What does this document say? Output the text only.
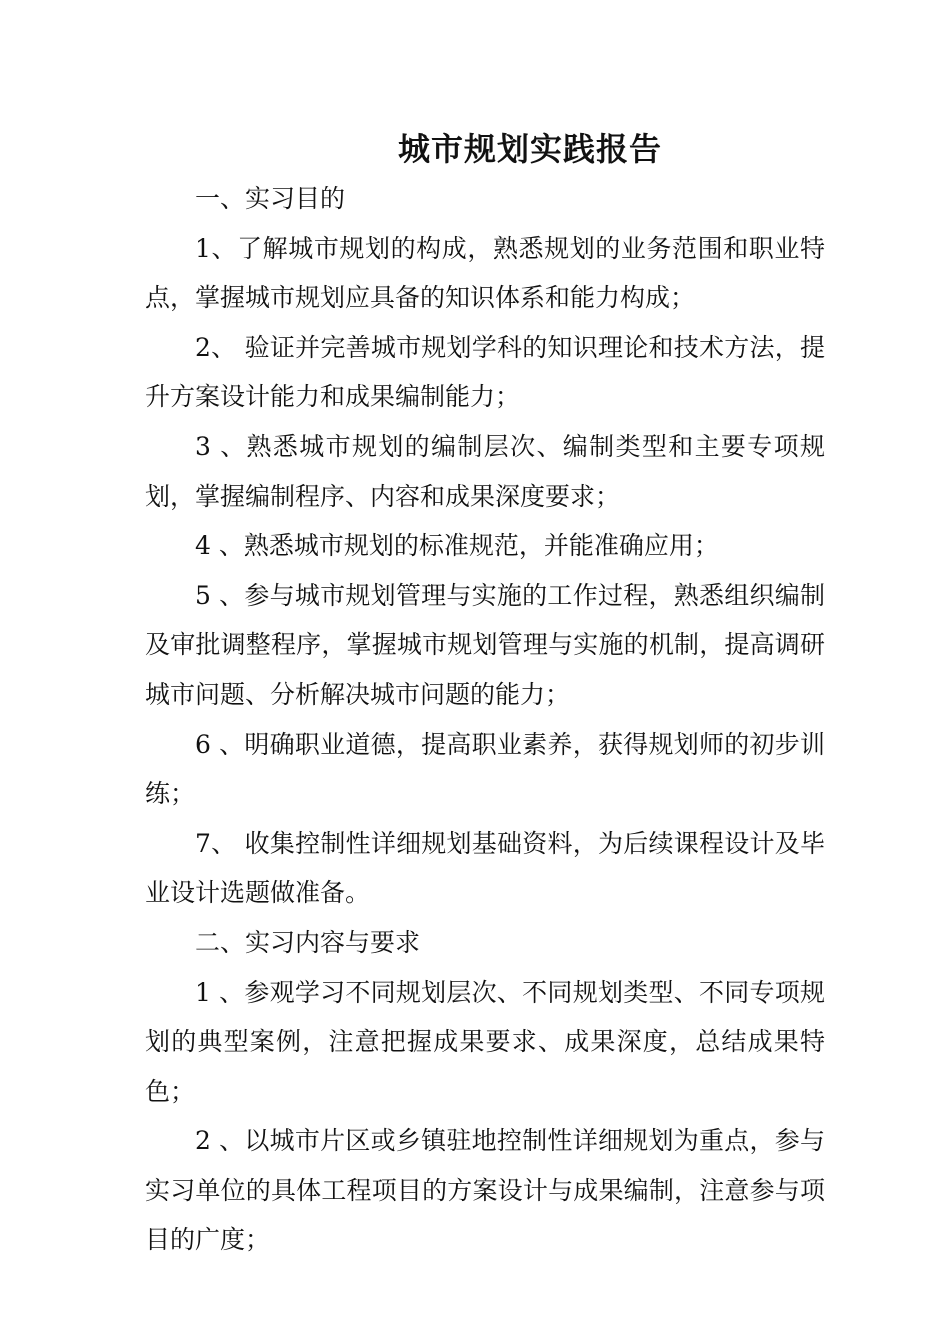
城市规划实践报告

一、实习目的

1、了解城市规划的构成，熟悉规划的业务范围和职业特点，掌握城市规划应具备的知识体系和能力构成；

2、 验证并完善城市规划学科的知识理论和技术方法，提升方案设计能力和成果编制能力；

3 、熟悉城市规划的编制层次、编制类型和主要专项规划，掌握编制程序、内容和成果深度要求；

4 、熟悉城市规划的标准规范，并能准确应用；

5 、参与城市规划管理与实施的工作过程，熟悉组织编制及审批调整程序，掌握城市规划管理与实施的机制，提高调研城市问题、分析解决城市问题的能力；

6 、明确职业道德，提高职业素养，获得规划师的初步训练；

7、 收集控制性详细规划基础资料，为后续课程设计及毕业设计选题做准备。

二、实习内容与要求

1 、参观学习不同规划层次、不同规划类型、不同专项规划的典型案例，注意把握成果要求、成果深度，总结成果特色；

2 、以城市片区或乡镇驻地控制性详细规划为重点，参与实习单位的具体工程项目的方案设计与成果编制，注意参与项目的广度；
